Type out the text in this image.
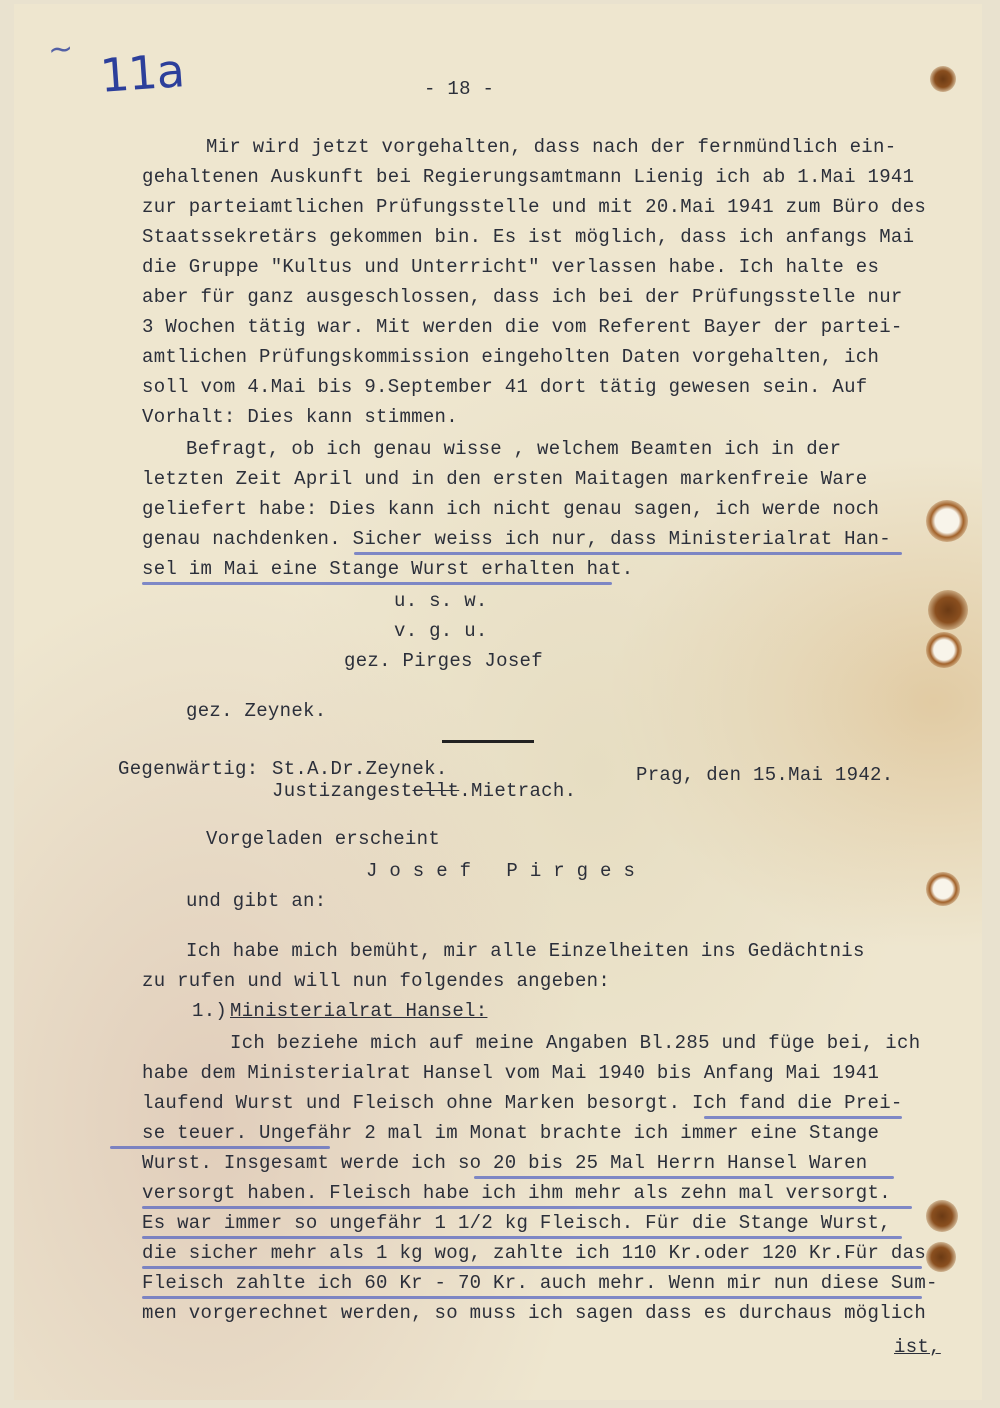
~ 11a	- 18 -
Mir wird jetzt vorgehalten, dass nach der fernmündlich ein-
gehaltenen Auskunft bei Regierungsamtmann Lienig ich ab 1.Mai 1941
zur parteiamtlichen Prüfungsstelle und mit 20.Mai 1941 zum Büro des
Staatssekretärs gekommen bin. Es ist möglich, dass ich anfangs Mai
die Gruppe "Kultus und Unterricht" verlassen habe. Ich halte es
aber für ganz ausgeschlossen, dass ich bei der Prüfungsstelle nur
3 Wochen tätig war. Mit werden die vom Referent Bayer der partei-
amtlichen Prüfungskommission eingeholten Daten vorgehalten, ich
soll vom 4.Mai bis 9.September 41 dort tätig gewesen sein. Auf
Vorhalt: Dies kann stimmen.
Befragt, ob ich genau wisse , welchem Beamten ich in der
letzten Zeit April und in den ersten Maitagen markenfreie Ware
geliefert habe: Dies kann ich nicht genau sagen, ich werde noch
genau nachdenken. Sicher weiss ich nur, dass Ministerialrat Han-
sel im Mai eine Stange Wurst erhalten hat.
u. s. w.
v. g. u.
gez. Pirges Josef
gez. Zeynek.
Gegenwärtig: St.A.Dr.Zeynek.
Justizangestellt.Mietrach.
Prag, den 15.Mai 1942.
Vorgeladen erscheint
J o s e f   P i r g e s
und gibt an:
Ich habe mich bemüht, mir alle Einzelheiten ins Gedächtnis
zu rufen und will nun folgendes angeben:
1.) Ministerialrat Hansel:
Ich beziehe mich auf meine Angaben Bl.285 und füge bei, ich
habe dem Ministerialrat Hansel vom Mai 1940 bis Anfang Mai 1941
laufend Wurst und Fleisch ohne Marken besorgt. Ich fand die Prei-
se teuer. Ungefähr 2 mal im Monat brachte ich immer eine Stange
Wurst. Insgesamt werde ich so 20 bis 25 Mal Herrn Hansel Waren
versorgt haben. Fleisch habe ich ihm mehr als zehn mal versorgt.
Es war immer so ungefähr 1 1/2 kg Fleisch. Für die Stange Wurst,
die sicher mehr als 1 kg wog, zahlte ich 110 Kr.oder 120 Kr.Für das
Fleisch zahlte ich 60 Kr - 70 Kr. auch mehr. Wenn mir nun diese Sum-
men vorgerechnet werden, so muss ich sagen dass es durchaus möglich
ist,
